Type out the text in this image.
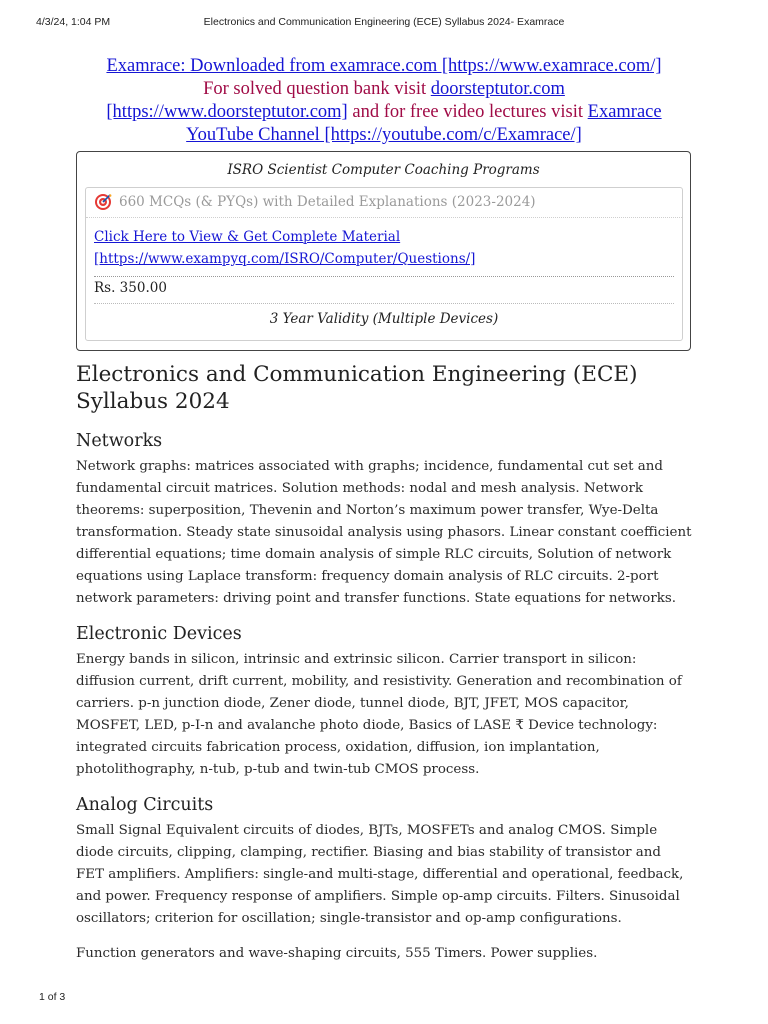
4/3/24, 1:04 PM	Electronics and Communication Engineering (ECE) Syllabus 2024- Examrace
Examrace: Downloaded from examrace.com [https://www.examrace.com/]
For solved question bank visit doorsteptutor.com
[https://www.doorsteptutor.com] and for free video lectures visit Examrace
YouTube Channel [https://youtube.com/c/Examrace/]
ISRO Scientist Computer Coaching Programs
660 MCQs (& PYQs) with Detailed Explanations (2023-2024)
Click Here to View & Get Complete Material
[https://www.exampyq.com/ISRO/Computer/Questions/]
Rs. 350.00
3 Year Validity (Multiple Devices)
Electronics and Communication Engineering (ECE) Syllabus 2024
Networks

Network graphs: matrices associated with graphs; incidence, fundamental cut set and fundamental circuit matrices. Solution methods: nodal and mesh analysis. Network theorems: superposition, Thevenin and Norton’s maximum power transfer, Wye-Delta transformation. Steady state sinusoidal analysis using phasors. Linear constant coefficient differential equations; time domain analysis of simple RLC circuits, Solution of network equations using Laplace transform: frequency domain analysis of RLC circuits. 2-port network parameters: driving point and transfer functions. State equations for networks.

Electronic Devices

Energy bands in silicon, intrinsic and extrinsic silicon. Carrier transport in silicon: diffusion current, drift current, mobility, and resistivity. Generation and recombination of carriers. p-n junction diode, Zener diode, tunnel diode, BJT, JFET, MOS capacitor, MOSFET, LED, p-I-n and avalanche photo diode, Basics of LASE ₹ Device technology: integrated circuits fabrication process, oxidation, diffusion, ion implantation, photolithography, n-tub, p-tub and twin-tub CMOS process.

Analog Circuits

Small Signal Equivalent circuits of diodes, BJTs, MOSFETs and analog CMOS. Simple diode circuits, clipping, clamping, rectifier. Biasing and bias stability of transistor and FET amplifiers. Amplifiers: single-and multi-stage, differential and operational, feedback, and power. Frequency response of amplifiers. Simple op-amp circuits. Filters. Sinusoidal oscillators; criterion for oscillation; single-transistor and op-amp configurations.

Function generators and wave-shaping circuits, 555 Timers. Power supplies.

1 of 3
